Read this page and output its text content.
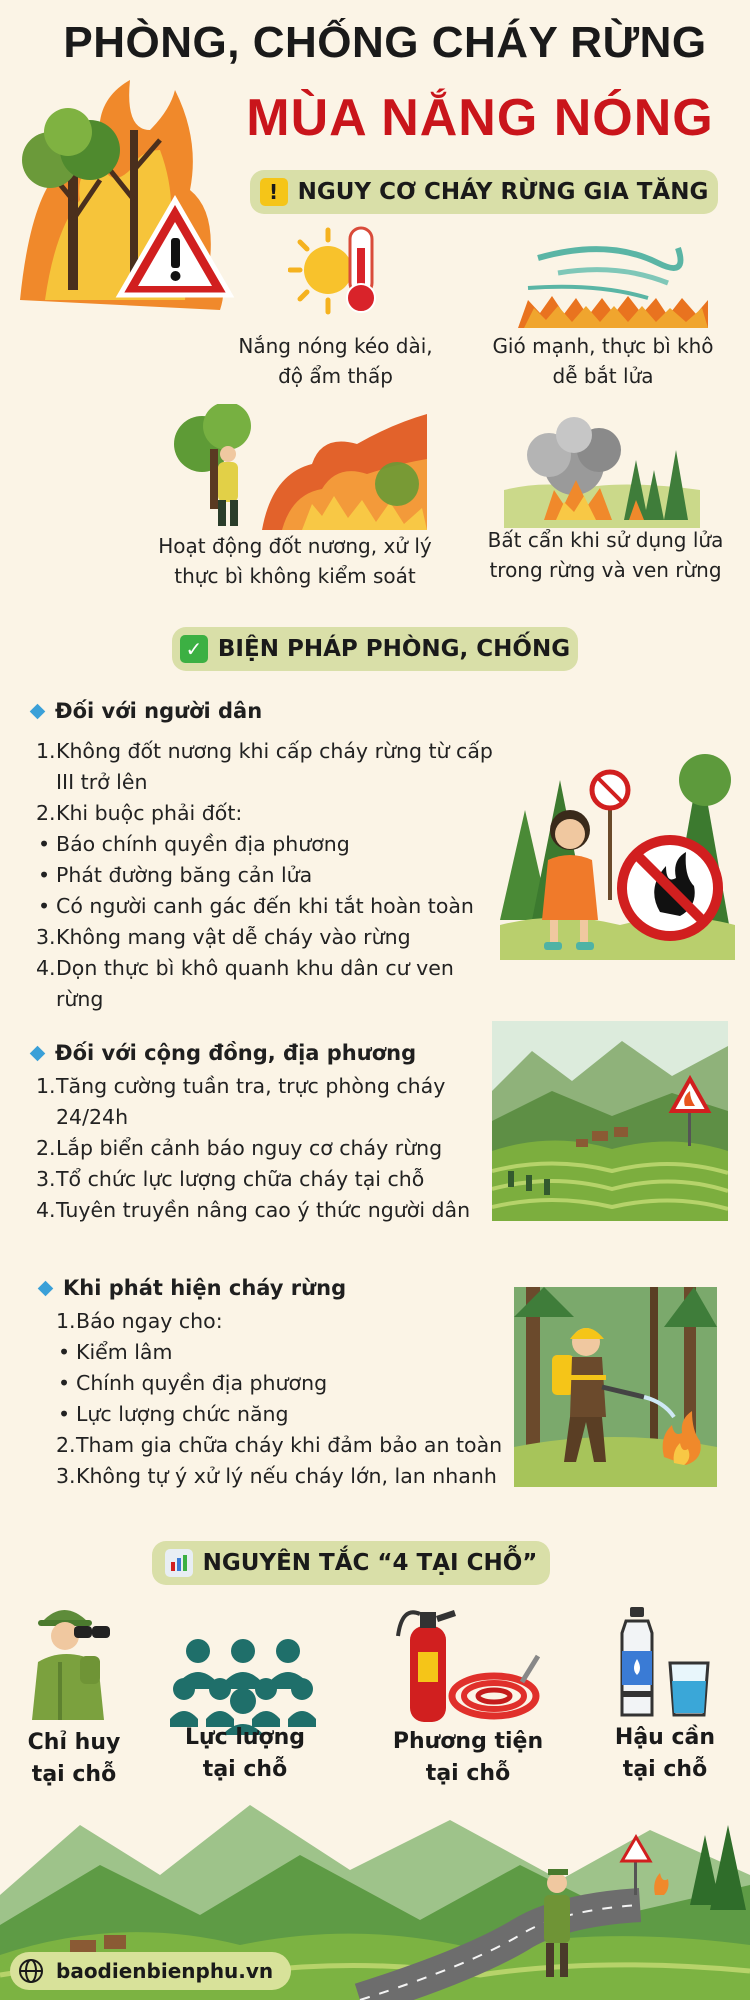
PHÒNG, CHỐNG CHÁY RỪNG
MÙA NẮNG NÓNG
! NGUY CƠ CHÁY RỪNG GIA TĂNG
Nắng nóng kéo dài,
độ ẩm thấp
Gió mạnh, thực bì khô
dễ bắt lửa
Hoạt động đốt nương, xử lý
thực bì không kiểm soát
Bất cẩn khi sử dụng lửa
trong rừng và ven rừng
✓ BIỆN PHÁP PHÒNG, CHỐNG
Đối với người dân
1. Không đốt nương khi cấp cháy rừng từ cấp III trở lên
2. Khi buộc phải đốt:
• Báo chính quyền địa phương
• Phát đường băng cản lửa
• Có người canh gác đến khi tắt hoàn toàn
3. Không mang vật dễ cháy vào rừng
4. Dọn thực bì khô quanh khu dân cư ven rừng
Đối với cộng đồng, địa phương
1. Tăng cường tuần tra, trực phòng cháy 24/24h
2. Lắp biển cảnh báo nguy cơ cháy rừng
3. Tổ chức lực lượng chữa cháy tại chỗ
4. Tuyên truyền nâng cao ý thức người dân
Khi phát hiện cháy rừng
1. Báo ngay cho:
• Kiểm lâm
• Chính quyền địa phương
• Lực lượng chức năng
2. Tham gia chữa cháy khi đảm bảo an toàn
3. Không tự ý xử lý nếu cháy lớn, lan nhanh
NGUYÊN TẮC “4 TẠI CHỖ”
Chỉ huy
tại chỗ
Lực lượng
tại chỗ
Phương tiện
tại chỗ
Hậu cần
tại chỗ
baodienbienphu.vn
